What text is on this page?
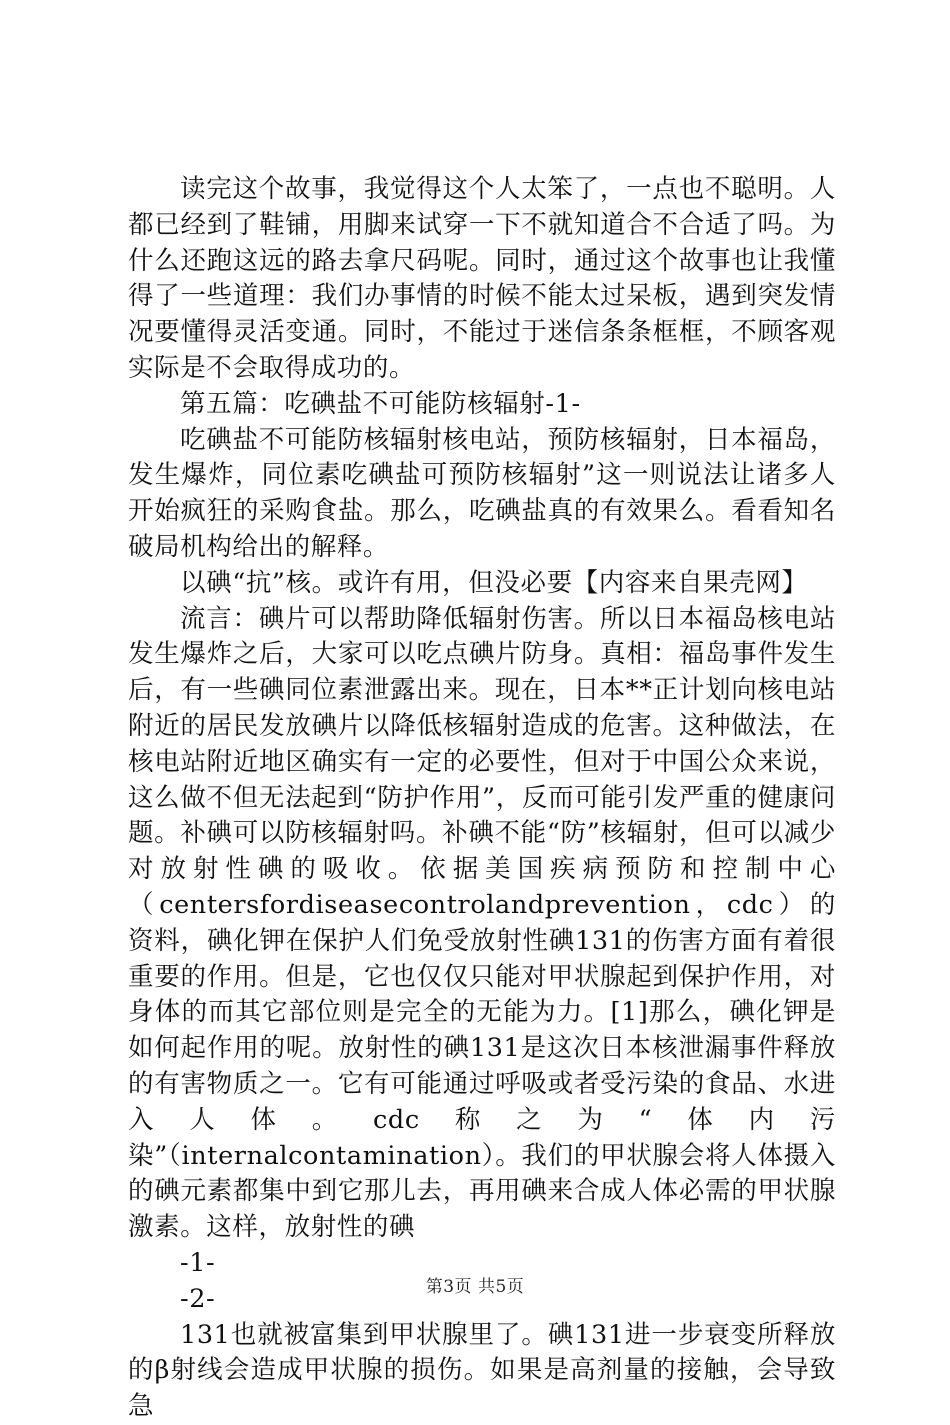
读完这个故事，我觉得这个人太笨了，一点也不聪明。人都已经到了鞋铺，用脚来试穿一下不就知道合不合适了吗。为什么还跑这远的路去拿尺码呢。同时，通过这个故事也让我懂得了一些道理：我们办事情的时候不能太过呆板，遇到突发情况要懂得灵活变通。同时，不能过于迷信条条框框，不顾客观实际是不会取得成功的。

第五篇：吃碘盐不可能防核辐射-1-

吃碘盐不可能防核辐射核电站，预防核辐射，日本福岛，发生爆炸，同位素吃碘盐可预防核辐射”这一则说法让诸多人开始疯狂的采购食盐。那么，吃碘盐真的有效果么。看看知名破局机构给出的解释。

以碘“抗”核。或许有用，但没必要【内容来自果壳网】

流言：碘片可以帮助降低辐射伤害。所以日本福岛核电站发生爆炸之后，大家可以吃点碘片防身。真相：福岛事件发生后，有一些碘同位素泄露出来。现在，日本**正计划向核电站附近的居民发放碘片以降低核辐射造成的危害。这种做法，在核电站附近地区确实有一定的必要性，但对于中国公众来说，这么做不但无法起到“防护作用”，反而可能引发严重的健康问题。补碘可以防核辐射吗。补碘不能“防”核辐射，但可以减少对放射性碘的吸收。依据美国疾病预防和控制中心（centersfordiseasecontrolandprevention，cdc）的资料，碘化钾在保护人们免受放射性碘131的伤害方面有着很重要的作用。但是，它也仅仅只能对甲状腺起到保护作用，对身体的而其它部位则是完全的无能为力。[1]那么，碘化钾是如何起作用的呢。放射性的碘131是这次日本核泄漏事件释放的有害物质之一。它有可能通过呼吸或者受污染的食品、水进入人体。cdc称之为“体内污染”（internalcontamination）。我们的甲状腺会将人体摄入的碘元素都集中到它那儿去，再用碘来合成人体必需的甲状腺激素。这样，放射性的碘

-1-

-2-

131也就被富集到甲状腺里了。碘131进一步衰变所释放的β射线会造成甲状腺的损伤。如果是高剂量的接触，会导致急

第3页 共5页
